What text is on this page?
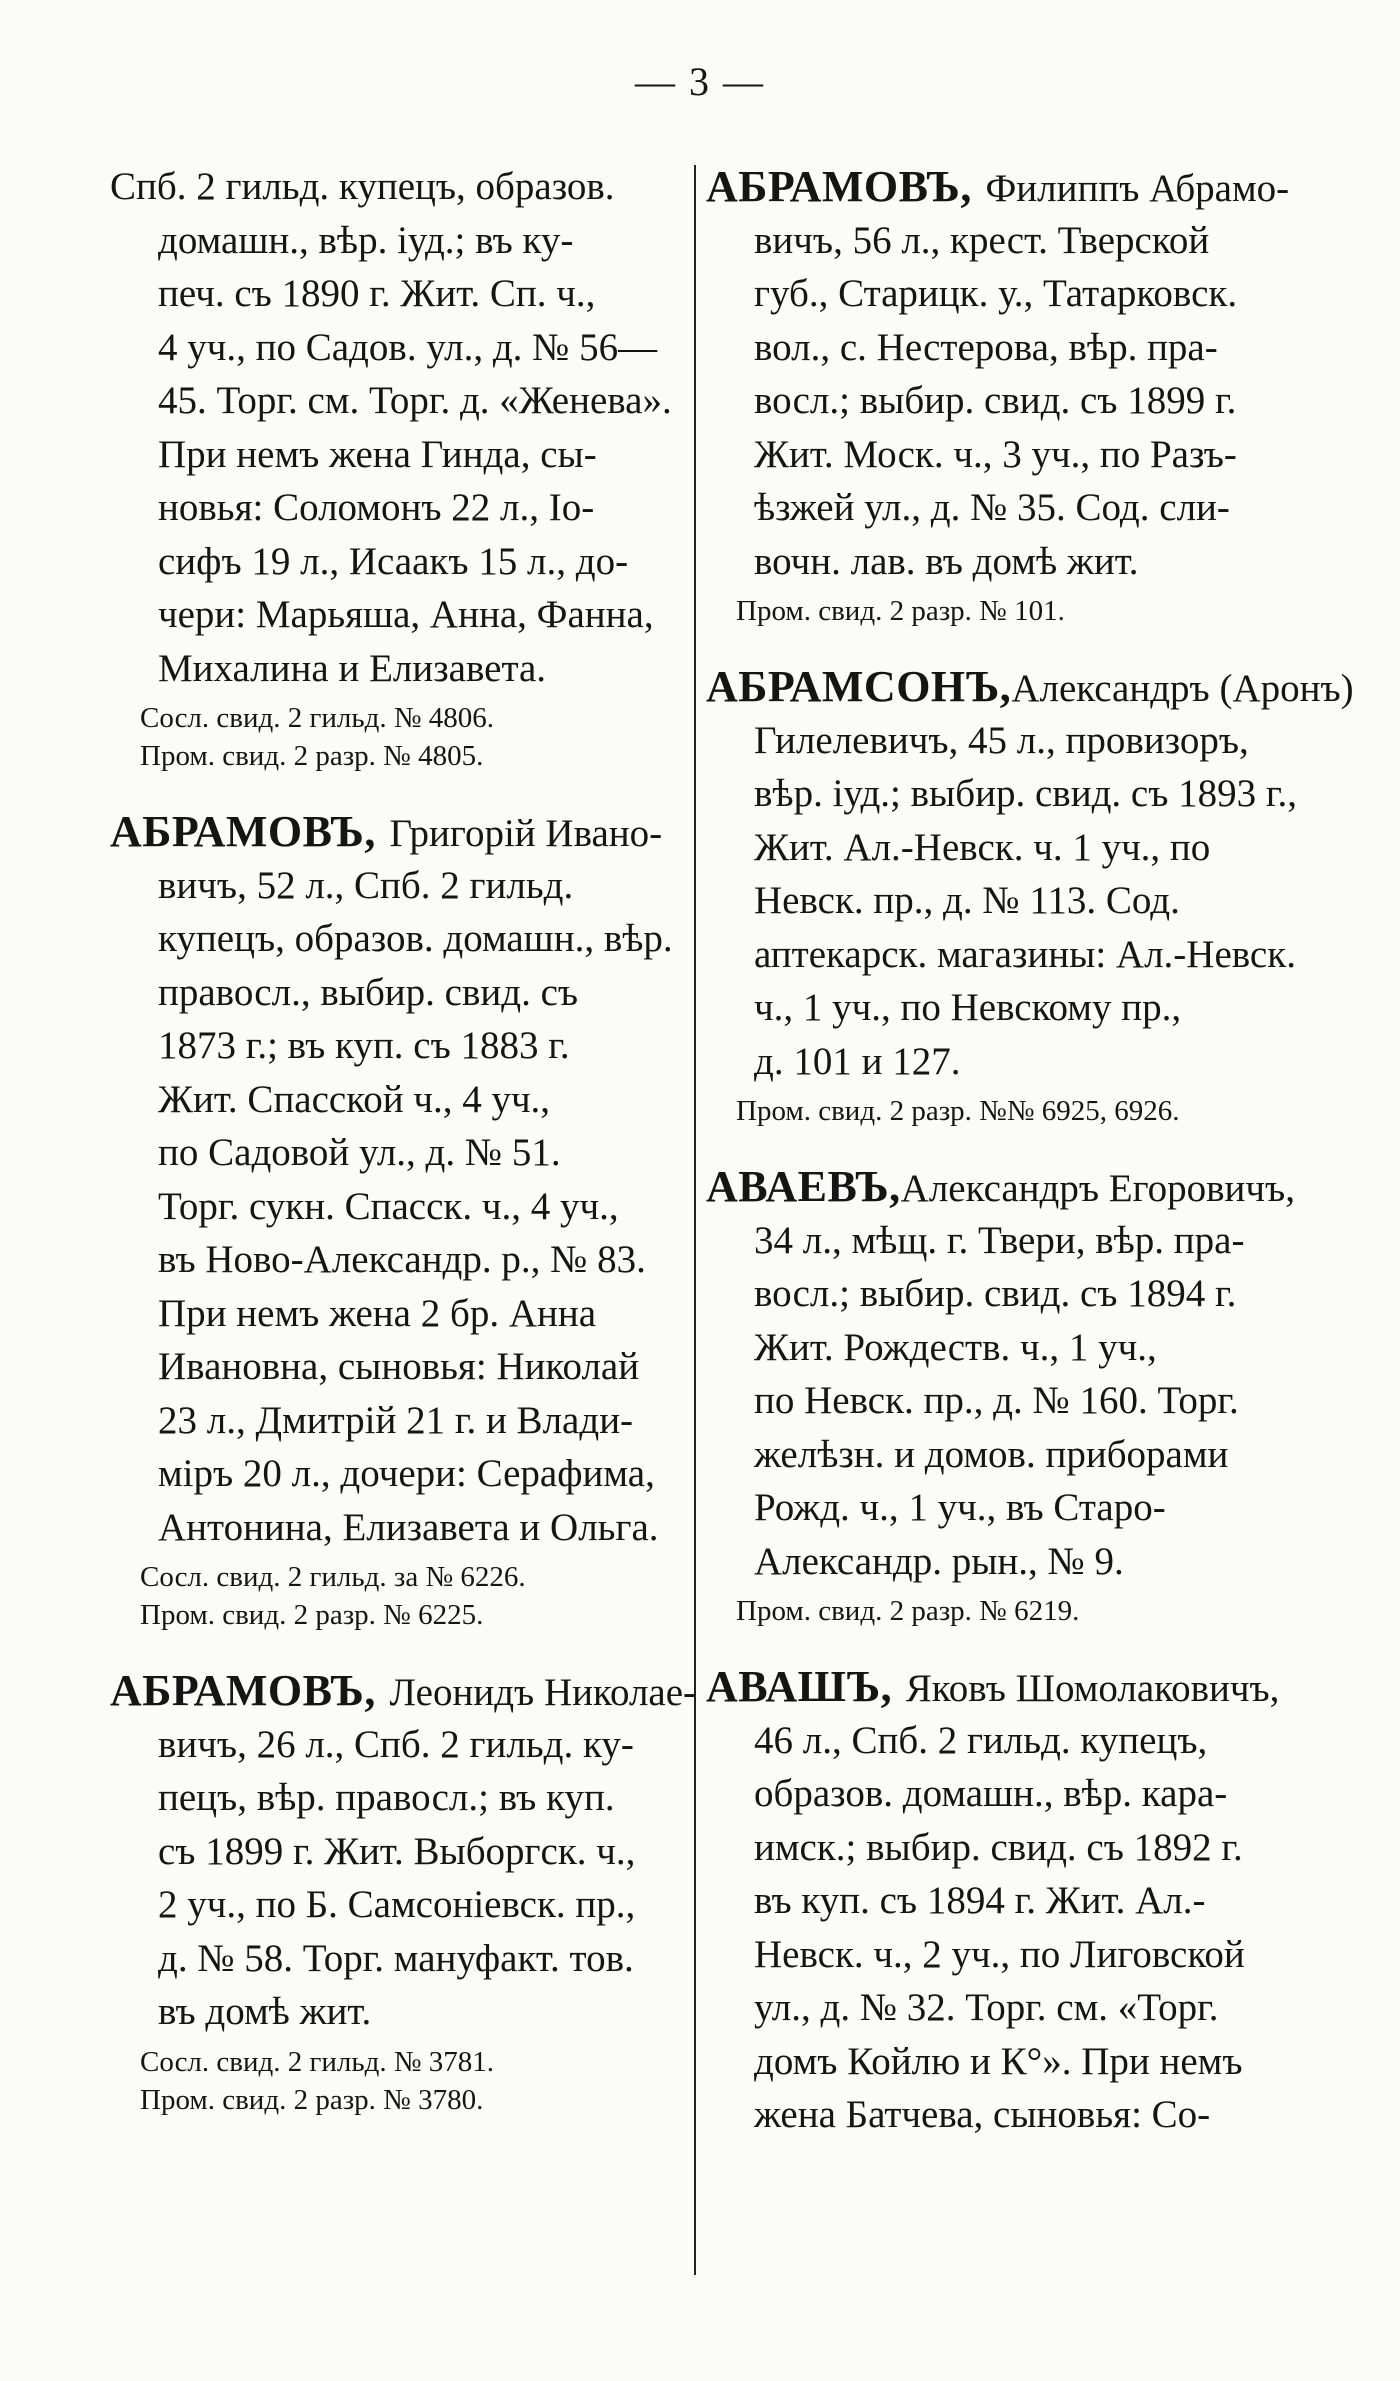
— 3 —
Спб. 2 гильд. купецъ, образов.
домашн., вѣр. іуд.; въ ку-
печ. съ 1890 г. Жит. Сп. ч.,
4 уч., по Садов. ул., д. № 56—
45. Торг. см. Торг. д. «Женева».
При немъ жена Гинда, сы-
новья: Соломонъ 22 л., Іо-
сифъ 19 л., Исаакъ 15 л., до-
чери: Марьяша, Анна, Фанна,
Михалина и Елизавета.
Сосл. свид. 2 гильд. № 4806.
Пром. свид. 2 разр. № 4805.
АБРАМОВЪ, Григорій Ивано-
вичъ, 52 л., Спб. 2 гильд.
купецъ, образов. домашн., вѣр.
правосл., выбир. свид. съ
1873 г.; въ куп. съ 1883 г.
Жит. Спасской ч., 4 уч.,
по Садовой ул., д. № 51.
Торг. сукн. Спасск. ч., 4 уч.,
въ Ново-Александр. р., № 83.
При немъ жена 2 бр. Анна
Ивановна, сыновья: Николай
23 л., Дмитрій 21 г. и Влади-
міръ 20 л., дочери: Серафима,
Антонина, Елизавета и Ольга.
Сосл. свид. 2 гильд. за № 6226.
Пром. свид. 2 разр. № 6225.
АБРАМОВЪ, Леонидъ Николае-
вичъ, 26 л., Спб. 2 гильд. ку-
пецъ, вѣр. правосл.; въ куп.
съ 1899 г. Жит. Выборгск. ч.,
2 уч., по Б. Самсоніевск. пр.,
д. № 58. Торг. мануфакт. тов.
въ домѣ жит.
Сосл. свид. 2 гильд. № 3781.
Пром. свид. 2 разр. № 3780.
АБРАМОВЪ, Филиппъ Абрамо-
вичъ, 56 л., крест. Тверской
губ., Старицк. у., Татарковск.
вол., с. Нестерова, вѣр. пра-
восл.; выбир. свид. съ 1899 г.
Жит. Моск. ч., 3 уч., по Разъ-
ѣзжей ул., д. № 35. Сод. сли-
вочн. лав. въ домѣ жит.
Пром. свид. 2 разр. № 101.
АБРАМСОНЪ,Александръ (Аронъ)
Гилелевичъ, 45 л., провизоръ,
вѣр. іуд.; выбир. свид. съ 1893 г.,
Жит. Ал.-Невск. ч. 1 уч., по
Невск. пр., д. № 113. Сод.
аптекарск. магазины: Ал.-Невск.
ч., 1 уч., по Невскому пр.,
д. 101 и 127.
Пром. свид. 2 разр. №№ 6925, 6926.
АВАЕВЪ,Александръ Егоровичъ,
34 л., мѣщ. г. Твери, вѣр. пра-
восл.; выбир. свид. съ 1894 г.
Жит. Рождеств. ч., 1 уч.,
по Невск. пр., д. № 160. Торг.
желѣзн. и домов. приборами
Рожд. ч., 1 уч., въ Старо-
Александр. рын., № 9.
Пром. свид. 2 разр. № 6219.
АВАШЪ, Яковъ Шомолаковичъ,
46 л., Спб. 2 гильд. купецъ,
образов. домашн., вѣр. кара-
имск.; выбир. свид. съ 1892 г.
въ куп. съ 1894 г. Жит. Ал.-
Невск. ч., 2 уч., по Лиговской
ул., д. № 32. Торг. см. «Торг.
домъ Койлю и К°». При немъ
жена Батчева, сыновья: Со-
